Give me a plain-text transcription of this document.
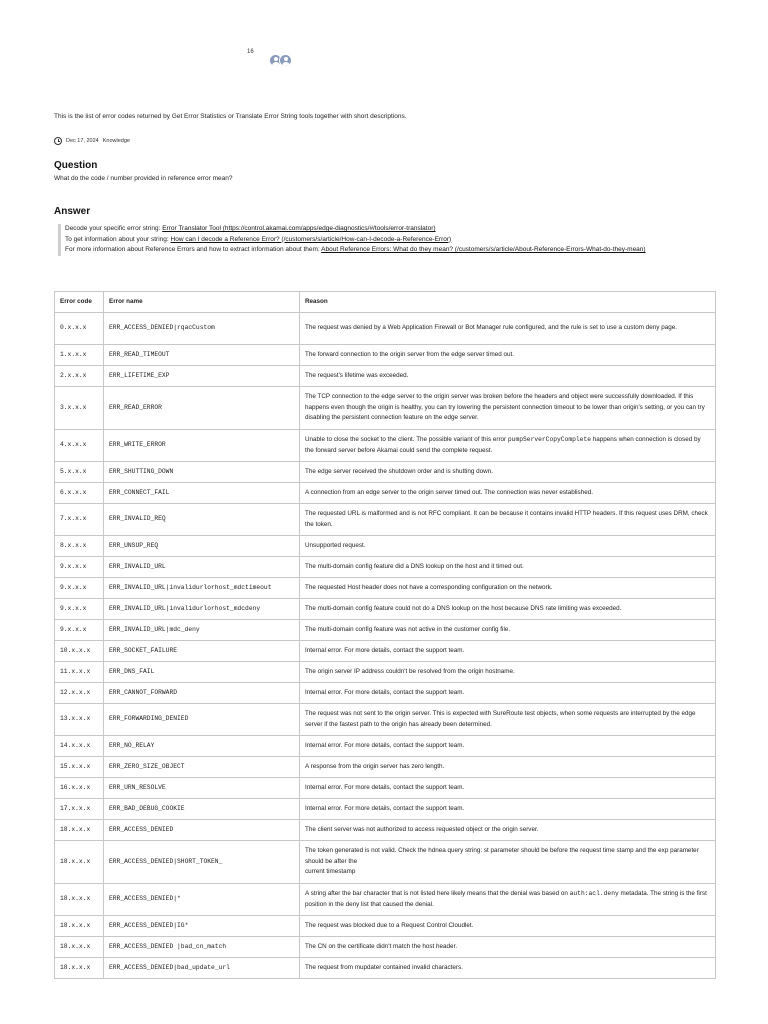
16

This is the list of error codes returned by Get Error Statistics or Translate Error String tools together with short descriptions.

Dec 17, 2024 Knowledge
Question

What do the code / number provided in reference error mean?

Answer
Decode your specific error string: Error Translator Tool (https://control.akamai.com/apps/edge-diagnostics/#/tools/error-translator)
To get information about your string: How can I decode a Reference Error? (/customers/s/article/How-can-I-decode-a-Reference-Error)
For more information about Reference Errors and how to extract information about them: About Reference Errors: What do they mean? (/customers/s/article/About-Reference-Errors-What-do-they-mean)
Error code	Error name	Reason
0.x.x.x	ERR_ACCESS_DENIED|rqacCustom	The request was denied by a Web Application Firewall or Bot Manager rule configured, and the rule is set to use a custom deny page.
1.x.x.x	ERR_READ_TIMEOUT	The forward connection to the origin server from the edge server timed out.
2.x.x.x	ERR_LIFETIME_EXP	The request's lifetime was exceeded.
3.x.x.x	ERR_READ_ERROR	The TCP connection to the edge server to the origin server was broken before the headers and object were successfully downloaded. If this happens even though the origin is healthy, you can try lowering the persistent connection timeout to be lower than origin's setting, or you can try disabling the persistent connection feature on the edge server.
4.x.x.x	ERR_WRITE_ERROR	Unable to close the socket to the client. The possible variant of this error pumpServerCopyComplete happens when connection is closed by the forward server before Akamai could send the complete request.
5.x.x.x	ERR_SHUTTING_DOWN	The edge server received the shutdown order and is shutting down.
6.x.x.x	ERR_CONNECT_FAIL	A connection from an edge server to the origin server timed out. The connection was never established.
7.x.x.x	ERR_INVALID_REQ	The requested URL is malformed and is not RFC compliant. It can be because it contains invalid HTTP headers. If this request uses DRM, check the token.
8.x.x.x	ERR_UNSUP_REQ	Unsupported request.
9.x.x.x	ERR_INVALID_URL	The multi-domain config feature did a DNS lookup on the host and it timed out.
9.x.x.x	ERR_INVALID_URL|invalidurlorhost_mdctimeout	The requested Host header does not have a corresponding configuration on the network.
9.x.x.x	ERR_INVALID_URL|invalidurlorhost_mdcdeny	The multi-domain config feature could not do a DNS lookup on the host because DNS rate limiting was exceeded.
9.x.x.x	ERR_INVALID_URL|mdc_deny	The multi-domain config feature was not active in the customer config file.
10.x.x.x	ERR_SOCKET_FAILURE	Internal error. For more details, contact the support team.
11.x.x.x	ERR_DNS_FAIL	The origin server IP address couldn't be resolved from the origin hostname.
12.x.x.x	ERR_CANNOT_FORWARD	Internal error. For more details, contact the support team.
13.x.x.x	ERR_FORWARDING_DENIED	The request was not sent to the origin server. This is expected with SureRoute test objects, when some requests are interrupted by the edge server if the fastest path to the origin has already been determined.
14.x.x.x	ERR_NO_RELAY	Internal error. For more details, contact the support team.
15.x.x.x	ERR_ZERO_SIZE_OBJECT	A response from the origin server has zero length.
16.x.x.x	ERR_URN_RESOLVE	Internal error. For more details, contact the support team.
17.x.x.x	ERR_BAD_DEBUG_COOKIE	Internal error. For more details, contact the support team.
18.x.x.x	ERR_ACCESS_DENIED	The client server was not authorized to access requested object or the origin server.
18.x.x.x	ERR_ACCESS_DENIED|SHORT_TOKEN_	The token generated is not valid. Check the hdnea query string: st parameter should be before the request time stamp and the exp parameter should be after the
current timestamp
18.x.x.x	ERR_ACCESS_DENIED|*	A string after the bar character that is not listed here likely means that the denial was based on auth:acl.deny metadata. The string is the first position in the deny list that caused the denial.
18.x.x.x	ERR_ACCESS_DENIED|IG*	The request was blocked due to a Request Control Cloudlet.
18.x.x.x	ERR_ACCESS_DENIED |bad_cn_match	The CN on the certificate didn't match the host header.
18.x.x.x	ERR_ACCESS_DENIED|bad_update_url	The request from mupdater contained invalid characters.
